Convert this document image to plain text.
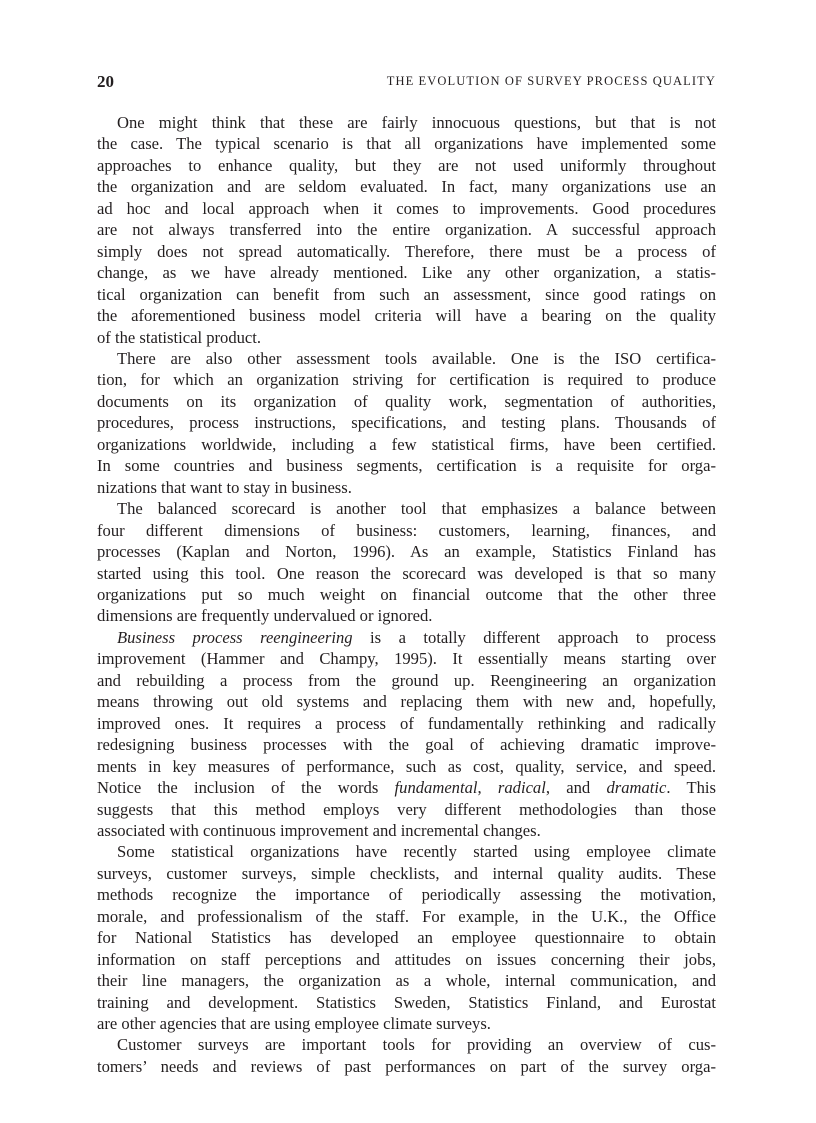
20	THE EVOLUTION OF SURVEY PROCESS QUALITY
One might think that these are fairly innocuous questions, but that is not
the case. The typical scenario is that all organizations have implemented some
approaches to enhance quality, but they are not used uniformly throughout
the organization and are seldom evaluated. In fact, many organizations use an
ad hoc and local approach when it comes to improvements. Good procedures
are not always transferred into the entire organization. A successful approach
simply does not spread automatically. Therefore, there must be a process of
change, as we have already mentioned. Like any other organization, a statis-
tical organization can benefit from such an assessment, since good ratings on
the aforementioned business model criteria will have a bearing on the quality
of the statistical product.
There are also other assessment tools available. One is the ISO certifica-
tion, for which an organization striving for certification is required to produce
documents on its organization of quality work, segmentation of authorities,
procedures, process instructions, specifications, and testing plans. Thousands of
organizations worldwide, including a few statistical firms, have been certified.
In some countries and business segments, certification is a requisite for orga-
nizations that want to stay in business.
The balanced scorecard is another tool that emphasizes a balance between
four different dimensions of business: customers, learning, finances, and
processes (Kaplan and Norton, 1996). As an example, Statistics Finland has
started using this tool. One reason the scorecard was developed is that so many
organizations put so much weight on financial outcome that the other three
dimensions are frequently undervalued or ignored.
Business process reengineering is a totally different approach to process
improvement (Hammer and Champy, 1995). It essentially means starting over
and rebuilding a process from the ground up. Reengineering an organization
means throwing out old systems and replacing them with new and, hopefully,
improved ones. It requires a process of fundamentally rethinking and radically
redesigning business processes with the goal of achieving dramatic improve-
ments in key measures of performance, such as cost, quality, service, and speed.
Notice the inclusion of the words fundamental, radical, and dramatic. This
suggests that this method employs very different methodologies than those
associated with continuous improvement and incremental changes.
Some statistical organizations have recently started using employee climate
surveys, customer surveys, simple checklists, and internal quality audits. These
methods recognize the importance of periodically assessing the motivation,
morale, and professionalism of the staff. For example, in the U.K., the Office
for National Statistics has developed an employee questionnaire to obtain
information on staff perceptions and attitudes on issues concerning their jobs,
their line managers, the organization as a whole, internal communication, and
training and development. Statistics Sweden, Statistics Finland, and Eurostat
are other agencies that are using employee climate surveys.
Customer surveys are important tools for providing an overview of cus-
tomers’ needs and reviews of past performances on part of the survey orga-
